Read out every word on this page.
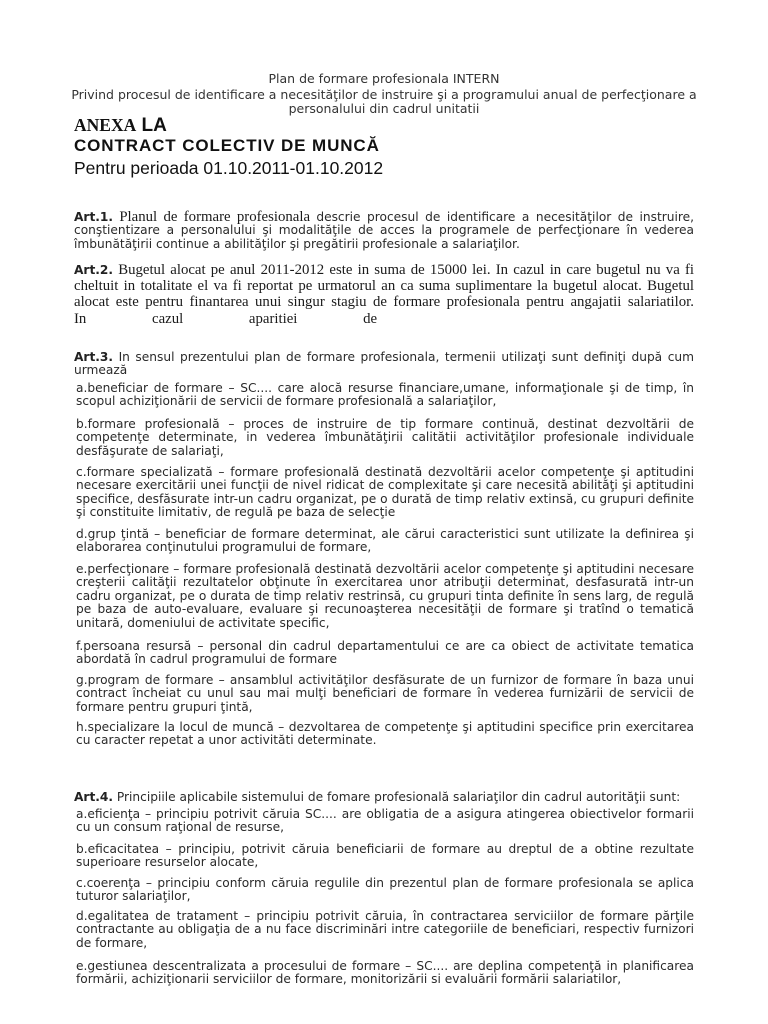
Plan de formare profesionala INTERN
Privind procesul de identificare a necesităţilor de instruire şi a programului anual de perfecţionare a
personalului din cadrul unitatii
ANEXA LA
CONTRACT COLECTIV DE MUNCĂ
Pentru perioada 01.10.2011-01.10.2012
Art.1. Planul de formare profesionala descrie procesul de identificare a necesităţilor de instruire, conştientizare a personalului şi modalităţile de acces la programele de perfecţionare în vederea îmbunătăţirii continue a abilităţilor şi pregătirii profesionale a salariaţilor.
Art.2. Bugetul alocat pe anul 2011-2012 este in suma de 15000 lei. In cazul in care bugetul nu va fi cheltuit in totalitate el va fi reportat pe urmatorul an ca suma suplimentare la bugetul alocat. Bugetul alocat este pentru finantarea unui singur stagiu de formare profesionala pentru angajatii salariatilor. In cazul aparitiei de
Art.3. In sensul prezentului plan de formare profesionala, termenii utilizaţi sunt definiţi după cum urmează
a.beneficiar de formare – SC.... care alocă resurse financiare,umane, informaţionale şi de timp, în scopul achiziţionării de servicii de formare profesională a salariaţilor,
b.formare profesională – proces de instruire de tip formare continuă, destinat dezvoltării de competenţe determinate, in vederea îmbunătăţirii calitătii activităţilor profesionale individuale desfăşurate de salariaţi,
c.formare specializată – formare profesională destinată dezvoltării acelor competenţe şi aptitudini necesare exercitării unei funcţii de nivel ridicat de complexitate şi care necesită abilităţi şi aptitudini specifice, desfăsurate intr-un cadru organizat, pe o durată de timp relativ extinsă, cu grupuri definite şi constituite limitativ, de regulă pe baza de selecţie
d.grup ţintă – beneficiar de formare determinat, ale cărui caracteristici sunt utilizate la definirea şi elaborarea conţinutului programului de formare,
e.perfecţionare – formare profesională destinată dezvoltării acelor competenţe şi aptitudini necesare creşterii calităţii rezultatelor obţinute în exercitarea unor atribuţii determinat, desfasurată intr-un cadru organizat, pe o durata de timp relativ restrinsă, cu grupuri tinta definite în sens larg, de regulă pe baza de auto-evaluare, evaluare şi recunoaşterea necesităţii de formare şi tratînd o tematică unitară, domeniului de activitate specific,
f.persoana resursă – personal din cadrul departamentului ce are ca obiect de activitate tematica abordată în cadrul programului de formare
g.program de formare – ansamblul activităţilor desfăsurate de un furnizor de formare în baza unui contract încheiat cu unul sau mai mulţi beneficiari de formare în vederea furnizării de servicii de formare pentru grupuri ţintă,
h.specializare la locul de muncă – dezvoltarea de competenţe şi aptitudini specifice prin exercitarea cu caracter repetat a unor activităti determinate.
Art.4. Principiile aplicabile sistemului de fomare profesională salariaţilor din cadrul autorităţii sunt:
a.eficienţa – principiu potrivit căruia SC.... are obligatia de a asigura atingerea obiectivelor formarii cu un consum raţional de resurse,
b.eficacitatea – principiu, potrivit căruia beneficiarii de formare au dreptul de a obtine rezultate superioare resurselor alocate,
c.coerenţa – principiu conform căruia regulile din prezentul plan de formare profesionala se aplica tuturor salariaţilor,
d.egalitatea de tratament – principiu potrivit căruia, în contractarea serviciilor de formare părţile contractante au obligaţia de a nu face discriminări intre categoriile de beneficiari, respectiv furnizori de formare,
e.gestiunea descentralizata a procesului de formare – SC.... are deplina competenţă in planificarea formării, achiziţionarii serviciilor de formare, monitorizării si evaluării formării salariatilor,
